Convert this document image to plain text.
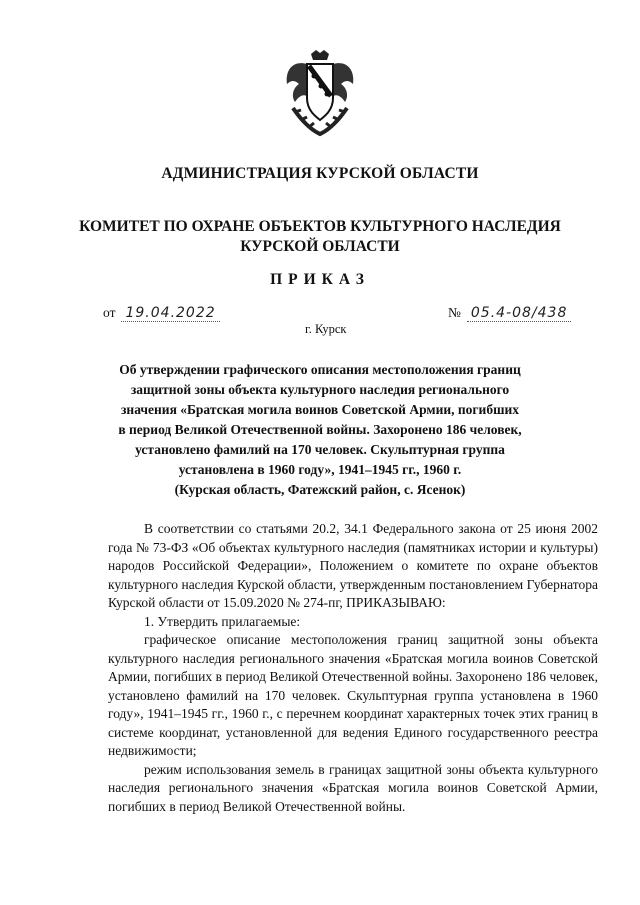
АДМИНИСТРАЦИЯ КУРСКОЙ ОБЛАСТИ
КОМИТЕТ ПО ОХРАНЕ ОБЪЕКТОВ КУЛЬТУРНОГО НАСЛЕДИЯ
КУРСКОЙ ОБЛАСТИ
ПРИКАЗ
от 19.04.2022	№ 05.4-08/438
г. Курск
Об утверждении графического описания местоположения границ
защитной зоны объекта культурного наследия регионального
значения «Братская могила воинов Советской Армии, погибших
в период Великой Отечественной войны. Захоронено 186 человек,
установлено фамилий на 170 человек. Скульптурная группа
установлена в 1960 году», 1941–1945 гг., 1960 г.
(Курская область, Фатежский район, с. Ясенок)

В соответствии со статьями 20.2, 34.1 Федерального закона от 25 июня 2002 года № 73-ФЗ «Об объектах культурного наследия (памятниках истории и культуры) народов Российской Федерации», Положением о комитете по охране объектов культурного наследия Курской области, утвержденным постановлением Губернатора Курской области от 15.09.2020 № 274-пг, ПРИКАЗЫВАЮ:

1. Утвердить прилагаемые:

графическое описание местоположения границ защитной зоны объекта культурного наследия регионального значения «Братская могила воинов Советской Армии, погибших в период Великой Отечественной войны. Захоронено 186 человек, установлено фамилий на 170 человек. Скульптурная группа установлена в 1960 году», 1941–1945 гг., 1960 г., с перечнем координат характерных точек этих границ в системе координат, установленной для ведения Единого государственного реестра недвижимости;

режим использования земель в границах защитной зоны объекта культурного наследия регионального значения «Братская могила воинов Советской Армии, погибших в период Великой Отечественной войны.
